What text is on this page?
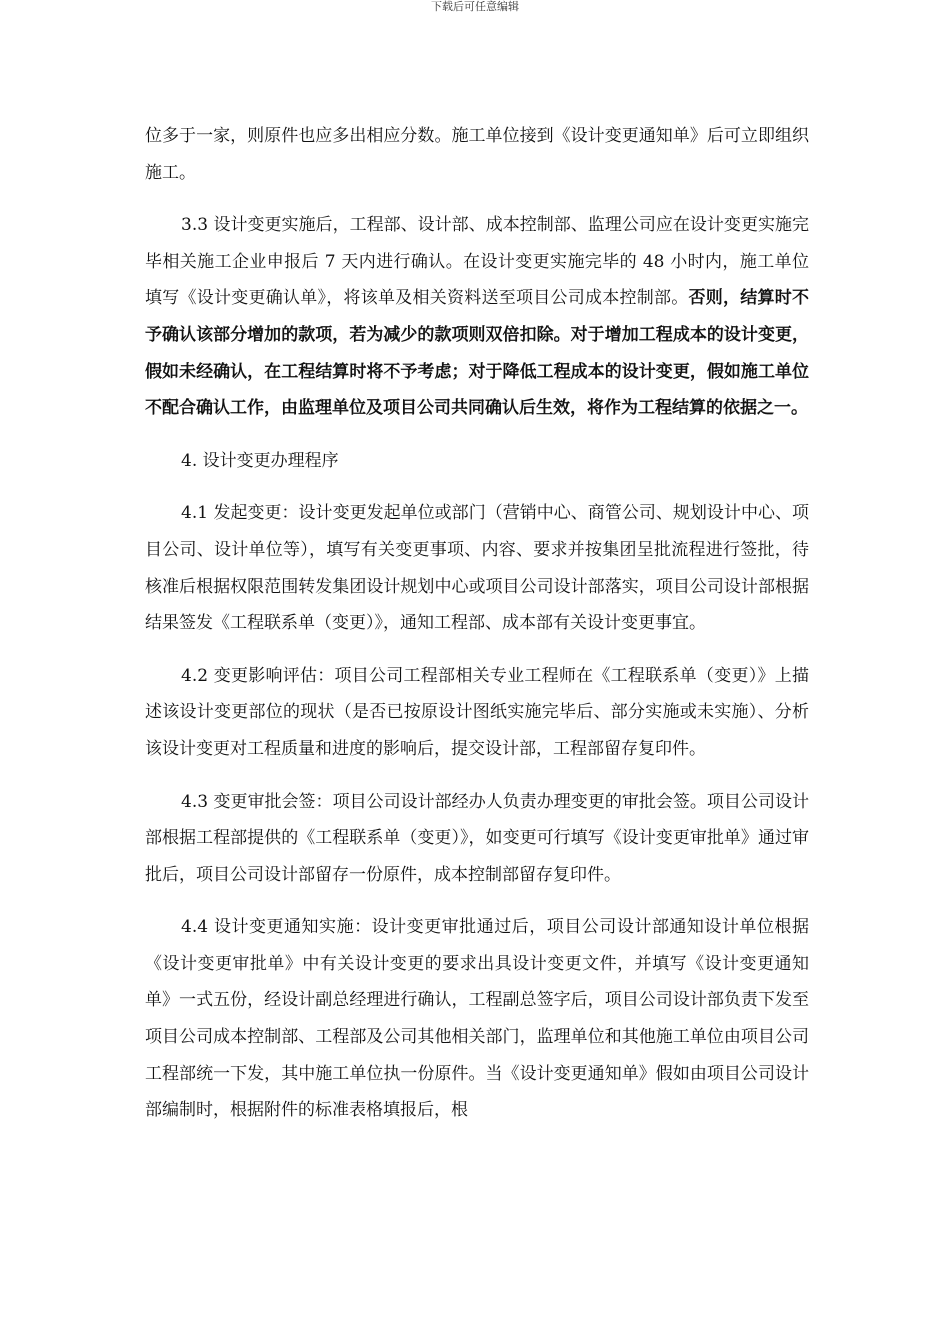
下载后可任意编辑

位多于一家，则原件也应多出相应分数。施工单位接到《设计变更通知单》后可立即组织施工。

3.3 设计变更实施后，工程部、设计部、成本控制部、监理公司应在设计变更实施完毕相关施工企业申报后 7 天内进行确认。在设计变更实施完毕的 48 小时内，施工单位填写《设计变更确认单》，将该单及相关资料送至项目公司成本控制部。否则，结算时不予确认该部分增加的款项，若为减少的款项则双倍扣除。对于增加工程成本的设计变更，假如未经确认，在工程结算时将不予考虑；对于降低工程成本的设计变更，假如施工单位不配合确认工作，由监理单位及项目公司共同确认后生效，将作为工程结算的依据之一。

4. 设计变更办理程序

4.1 发起变更：设计变更发起单位或部门（营销中心、商管公司、规划设计中心、项目公司、设计单位等），填写有关变更事项、内容、要求并按集团呈批流程进行签批，待核准后根据权限范围转发集团设计规划中心或项目公司设计部落实，项目公司设计部根据结果签发《工程联系单（变更）》，通知工程部、成本部有关设计变更事宜。

4.2 变更影响评估：项目公司工程部相关专业工程师在《工程联系单（变更）》上描述该设计变更部位的现状（是否已按原设计图纸实施完毕后、部分实施或未实施）、分析该设计变更对工程质量和进度的影响后，提交设计部，工程部留存复印件。

4.3 变更审批会签：项目公司设计部经办人负责办理变更的审批会签。项目公司设计部根据工程部提供的《工程联系单（变更）》，如变更可行填写《设计变更审批单》通过审批后，项目公司设计部留存一份原件，成本控制部留存复印件。

4.4 设计变更通知实施：设计变更审批通过后，项目公司设计部通知设计单位根据《设计变更审批单》中有关设计变更的要求出具设计变更文件，并填写《设计变更通知单》一式五份，经设计副总经理进行确认，工程副总签字后，项目公司设计部负责下发至项目公司成本控制部、工程部及公司其他相关部门，监理单位和其他施工单位由项目公司工程部统一下发，其中施工单位执一份原件。当《设计变更通知单》假如由项目公司设计部编制时，根据附件的标准表格填报后，根
